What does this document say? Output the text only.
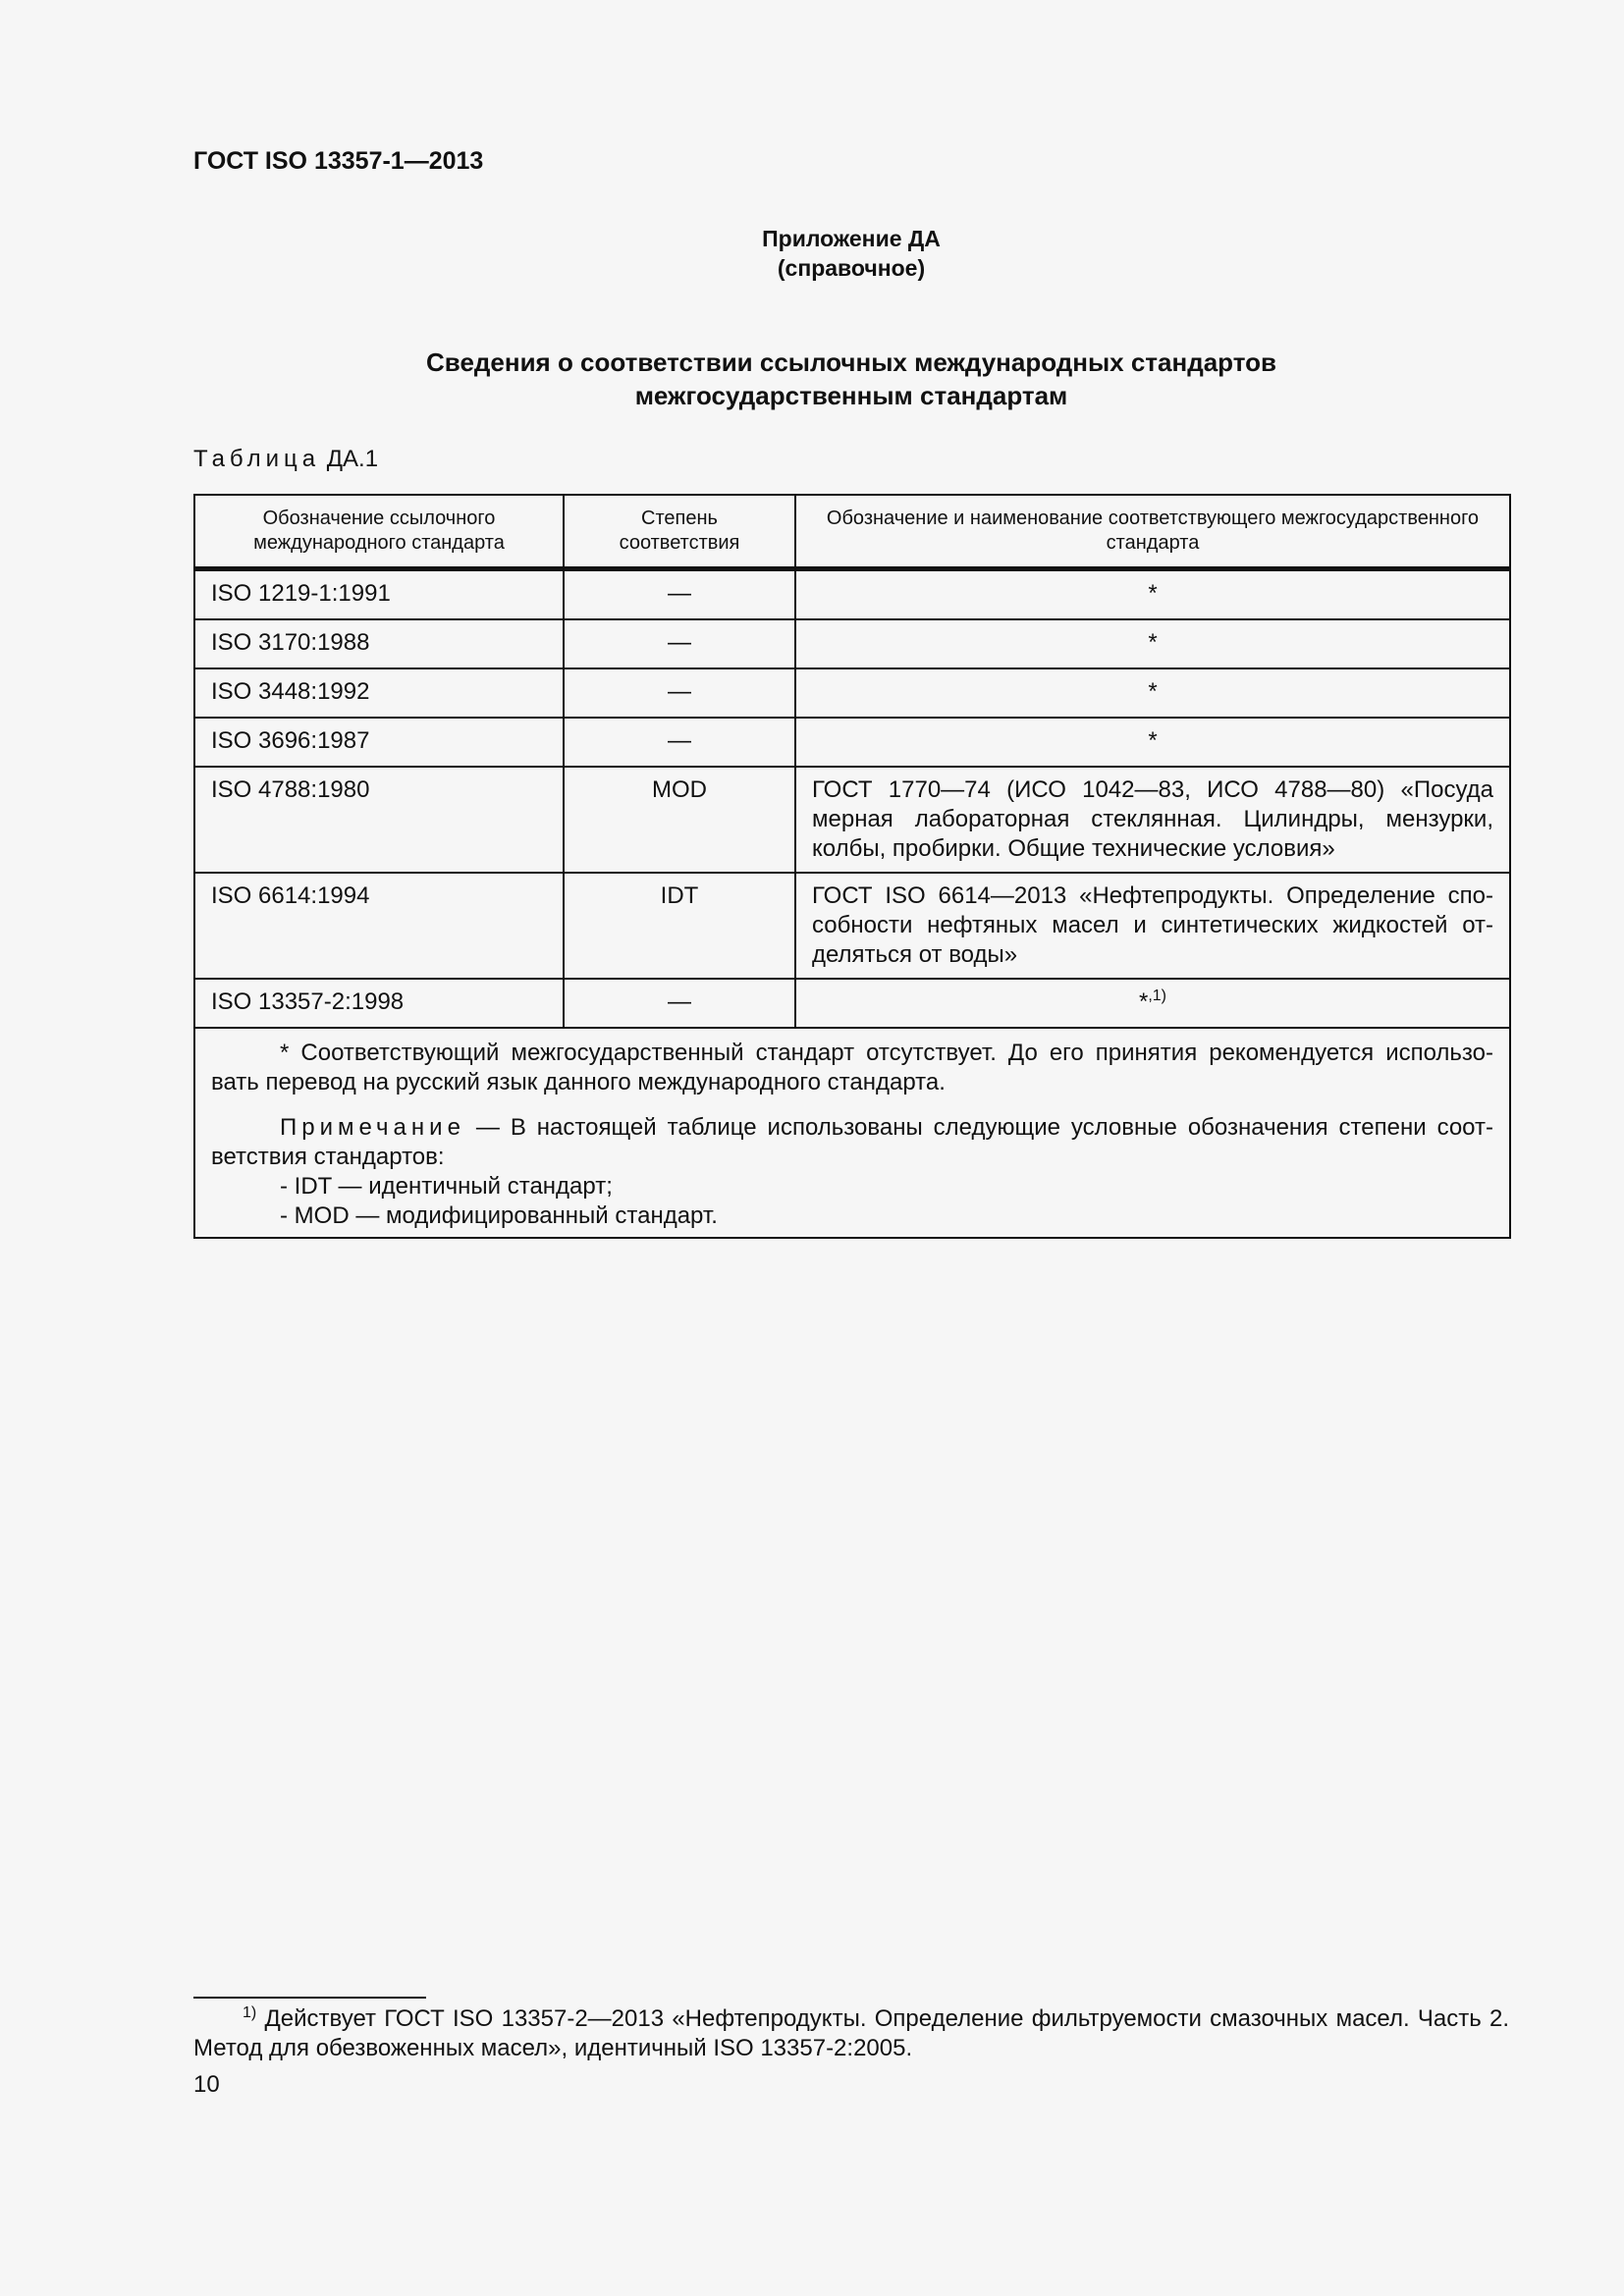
ГОСТ ISO 13357-1—2013
Приложение ДА
(справочное)
Сведения о соответствии ссылочных международных стандартов
межгосударственным стандартам
Таблица ДА.1
Обозначение ссылочного международного стандарта	Степень соответствия	Обозначение и наименование соответствующего межгосударственного стандарта
ISO 1219-1:1991	—	*
ISO 3170:1988	—	*
ISO 3448:1992	—	*
ISO 3696:1987	—	*
ISO 4788:1980	MOD	ГОСТ 1770—74 (ИСО 1042—83, ИСО 4788—80) «Посуда мерная лабораторная стеклянная. Цилиндры, мензурки, колбы, пробирки. Общие технические условия»
ISO 6614:1994	IDT	ГОСТ ISO 6614—2013 «Нефтепродукты. Определение спо-собности нефтяных масел и синтетических жидкостей от-деляться от воды»
ISO 13357-2:1998	—	*$^{,1)}$

* Соответствующий межгосударственный стандарт отсутствует. До его принятия рекомендуется использо-вать перевод на русский язык данного международного стандарта.

Примечание — В настоящей таблице использованы следующие условные обозначения степени соот-ветствия стандартов:

- IDT — идентичный стандарт;

- MOD — модифицированный стандарт.		

$^{1)}$ Действует ГОСТ ISO 13357-2—2013 «Нефтепродукты. Определение фильтруемости смазочных масел. Часть 2. Метод для обезвоженных масел», идентичный ISO 13357-2:2005.

10
